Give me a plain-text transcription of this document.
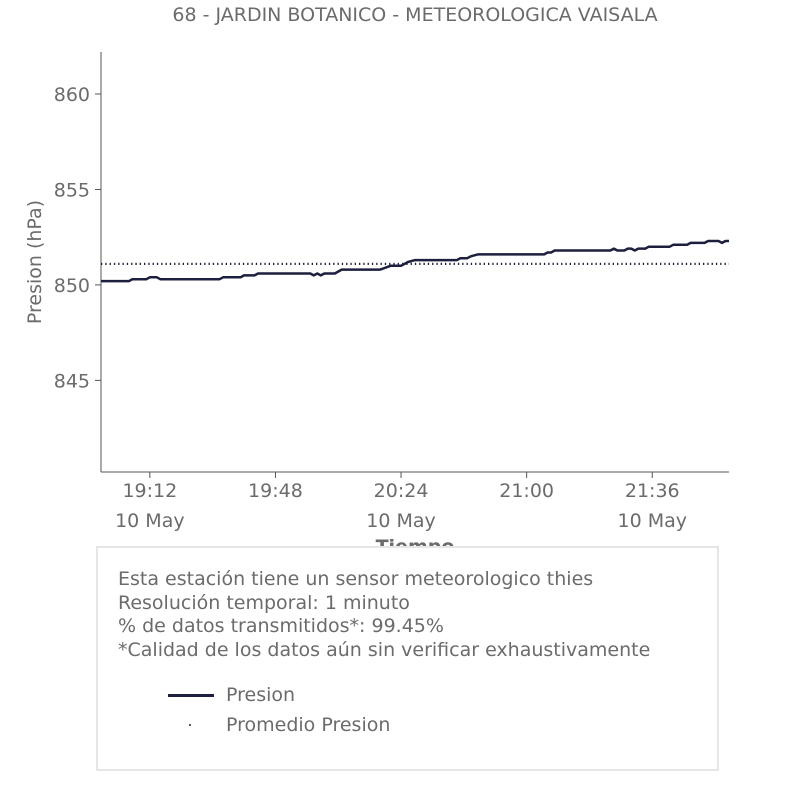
68 - JARDIN BOTANICO - METEOROLOGICA VAISALA
Presion (hPa)
845
850
855
860
19:12
10 May
19:48	20:24
10 May
21:00	21:36
10 May
Esta estación tiene un sensor meteorologico thies
Resolución temporal: 1 minuto
% de datos transmitidos*: 99.45%
*Calidad de los datos aún sin verificar exhaustivamente
Presion
Promedio Presion
